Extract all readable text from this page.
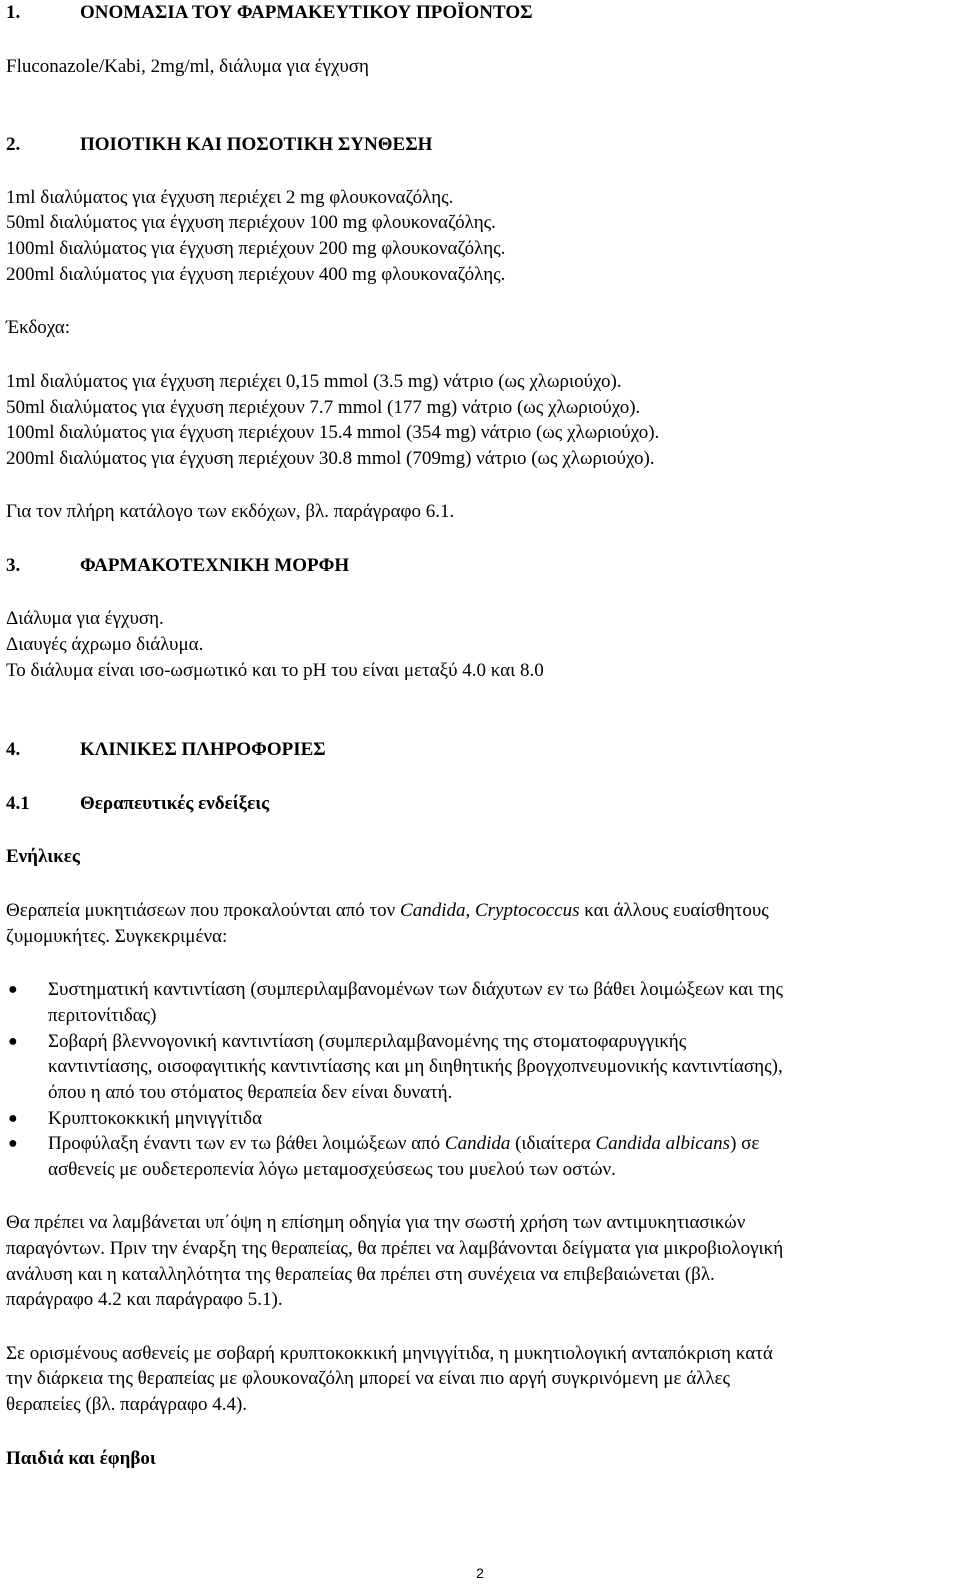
1.	ΟΝΟΜΑΣΙΑ ΤΟΥ ΦΑΡΜΑΚΕΥΤΙΚΟΥ ΠΡΟΪΟΝΤΟΣ
Fluconazole/Kabi, 2mg/ml, διάλυμα για έγχυση
2.	ΠΟΙΟΤΙΚΗ ΚΑΙ ΠΟΣΟΤΙΚΗ ΣΥΝΘΕΣΗ
1ml διαλύματος για έγχυση περιέχει 2 mg φλουκοναζόλης.
50ml διαλύματος για έγχυση περιέχουν 100 mg φλουκοναζόλης.
100ml διαλύματος για έγχυση περιέχουν 200 mg φλουκοναζόλης.
200ml διαλύματος για έγχυση περιέχουν 400 mg φλουκοναζόλης.
Έκδοχα:
1ml διαλύματος για έγχυση περιέχει 0,15 mmol (3.5 mg) νάτριο (ως χλωριούχο).
50ml διαλύματος για έγχυση περιέχουν 7.7 mmol (177 mg) νάτριο (ως χλωριούχο).
100ml διαλύματος για έγχυση περιέχουν 15.4 mmol (354 mg) νάτριο (ως χλωριούχο).
200ml διαλύματος για έγχυση περιέχουν 30.8 mmol (709mg) νάτριο (ως χλωριούχο).
Για τον πλήρη κατάλογο των εκδόχων, βλ. παράγραφο 6.1.
3.	ΦΑΡΜΑΚΟΤΕΧΝΙΚΗ ΜΟΡΦΗ
Διάλυμα για έγχυση.
Διαυγές άχρωμο διάλυμα.
Το διάλυμα είναι ισο-ωσμωτικό και το pH του είναι μεταξύ 4.0 και 8.0
4.	ΚΛΙΝΙΚΕΣ ΠΛΗΡΟΦΟΡΙΕΣ
4.1	Θεραπευτικές ενδείξεις
Ενήλικες
Θεραπεία μυκητιάσεων που προκαλούνται από τον Candida, Cryptococcus και άλλους ευαίσθητους
ζυμομυκήτες. Συγκεκριμένα:
● Συστηματική καντιντίαση (συμπεριλαμβανομένων των διάχυτων εν τω βάθει λοιμώξεων και της
περιτονίτιδας)
● Σοβαρή βλεννογονική καντιντίαση (συμπεριλαμβανομένης της στοματοφαρυγγικής
καντιντίασης, οισοφαγιτικής καντιντίασης και μη διηθητικής βρογχοπνευμονικής καντιντίασης),
όπου η από του στόματος θεραπεία δεν είναι δυνατή.
● Κρυπτοκοκκική μηνιγγίτιδα
● Προφύλαξη έναντι των εν τω βάθει λοιμώξεων από Candida (ιδιαίτερα Candida albicans) σε
ασθενείς με ουδετεροπενία λόγω μεταμοσχεύσεως του μυελού των οστών.
Θα πρέπει να λαμβάνεται υπ΄όψη η επίσημη οδηγία για την σωστή χρήση των αντιμυκητιασικών
παραγόντων. Πριν την έναρξη της θεραπείας, θα πρέπει να λαμβάνονται δείγματα για μικροβιολογική
ανάλυση και η καταλληλότητα της θεραπείας θα πρέπει στη συνέχεια να επιβεβαιώνεται (βλ.
παράγραφο 4.2 και παράγραφο 5.1).
Σε ορισμένους ασθενείς με σοβαρή κρυπτοκοκκική μηνιγγίτιδα, η μυκητιολογική ανταπόκριση κατά
την διάρκεια της θεραπείας με φλουκοναζόλη μπορεί να είναι πιο αργή συγκρινόμενη με άλλες
θεραπείες (βλ. παράγραφο 4.4).
Παιδιά και έφηβοι
2
